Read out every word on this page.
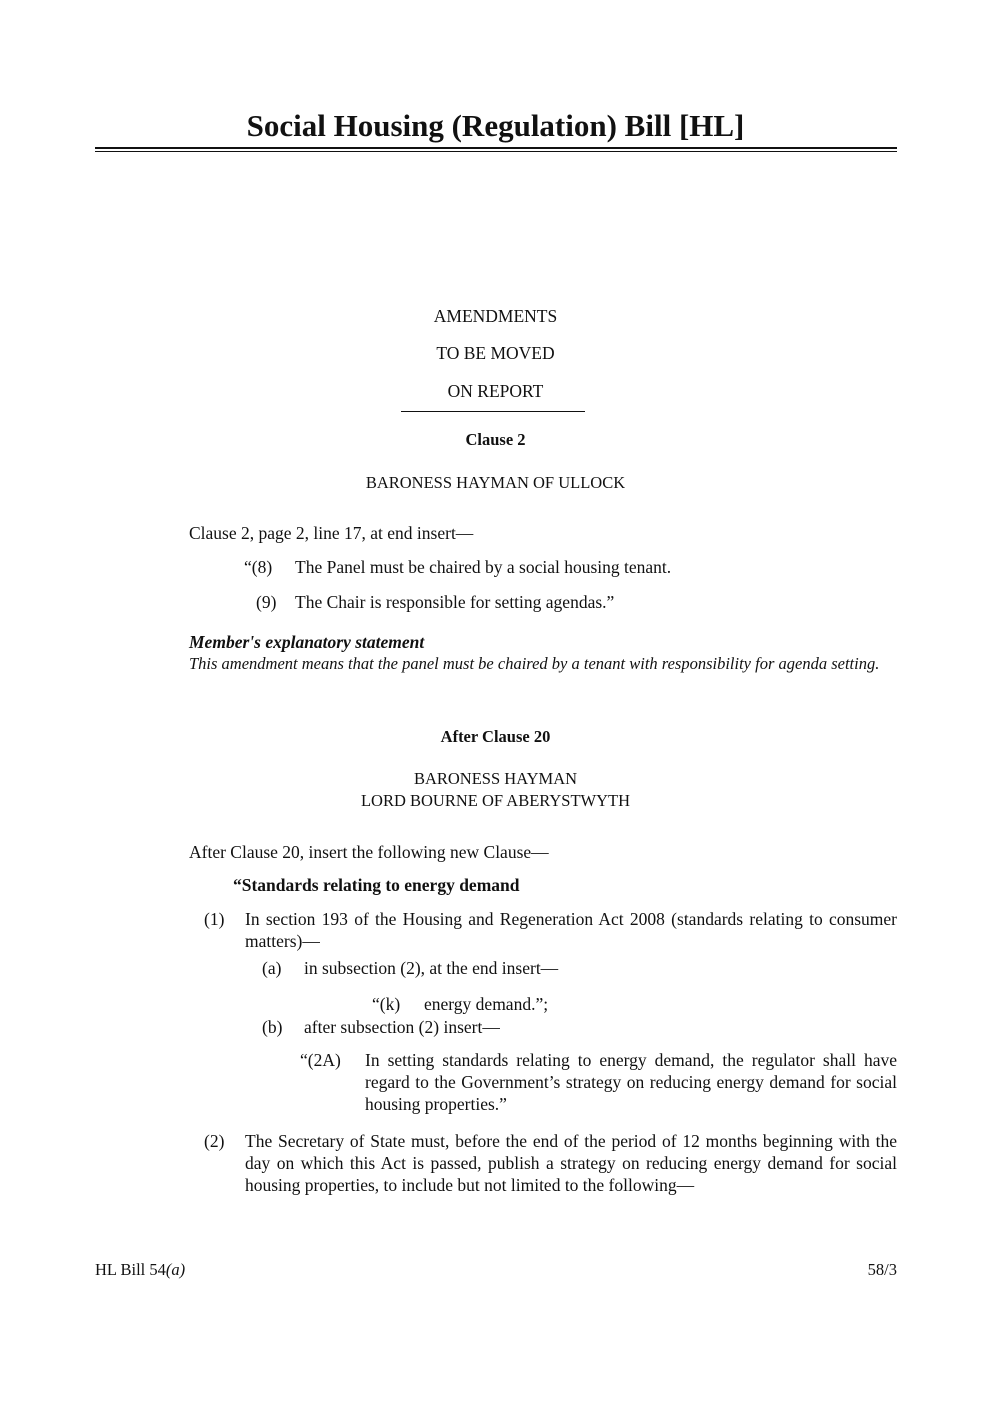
Social Housing (Regulation) Bill [HL]
AMENDMENTS
TO BE MOVED
ON REPORT
Clause 2
BARONESS HAYMAN OF ULLOCK
Clause 2, page 2, line 17, at end insert—
“(8) The Panel must be chaired by a social housing tenant.
(9) The Chair is responsible for setting agendas.”
Member's explanatory statement
This amendment means that the panel must be chaired by a tenant with responsibility for agenda setting.
After Clause 20
BARONESS HAYMAN
LORD BOURNE OF ABERYSTWYTH
After Clause 20, insert the following new Clause—
“Standards relating to energy demand
(1) In section 193 of the Housing and Regeneration Act 2008 (standards relating to consumer matters)—
(a) in subsection (2), at the end insert—
“(k) energy demand.”;
(b) after subsection (2) insert—
“(2A) In setting standards relating to energy demand, the regulator shall have regard to the Government’s strategy on reducing energy demand for social housing properties.”
(2) The Secretary of State must, before the end of the period of 12 months beginning with the day on which this Act is passed, publish a strategy on reducing energy demand for social housing properties, to include but not limited to the following—
HL Bill 54(a)	58/3
